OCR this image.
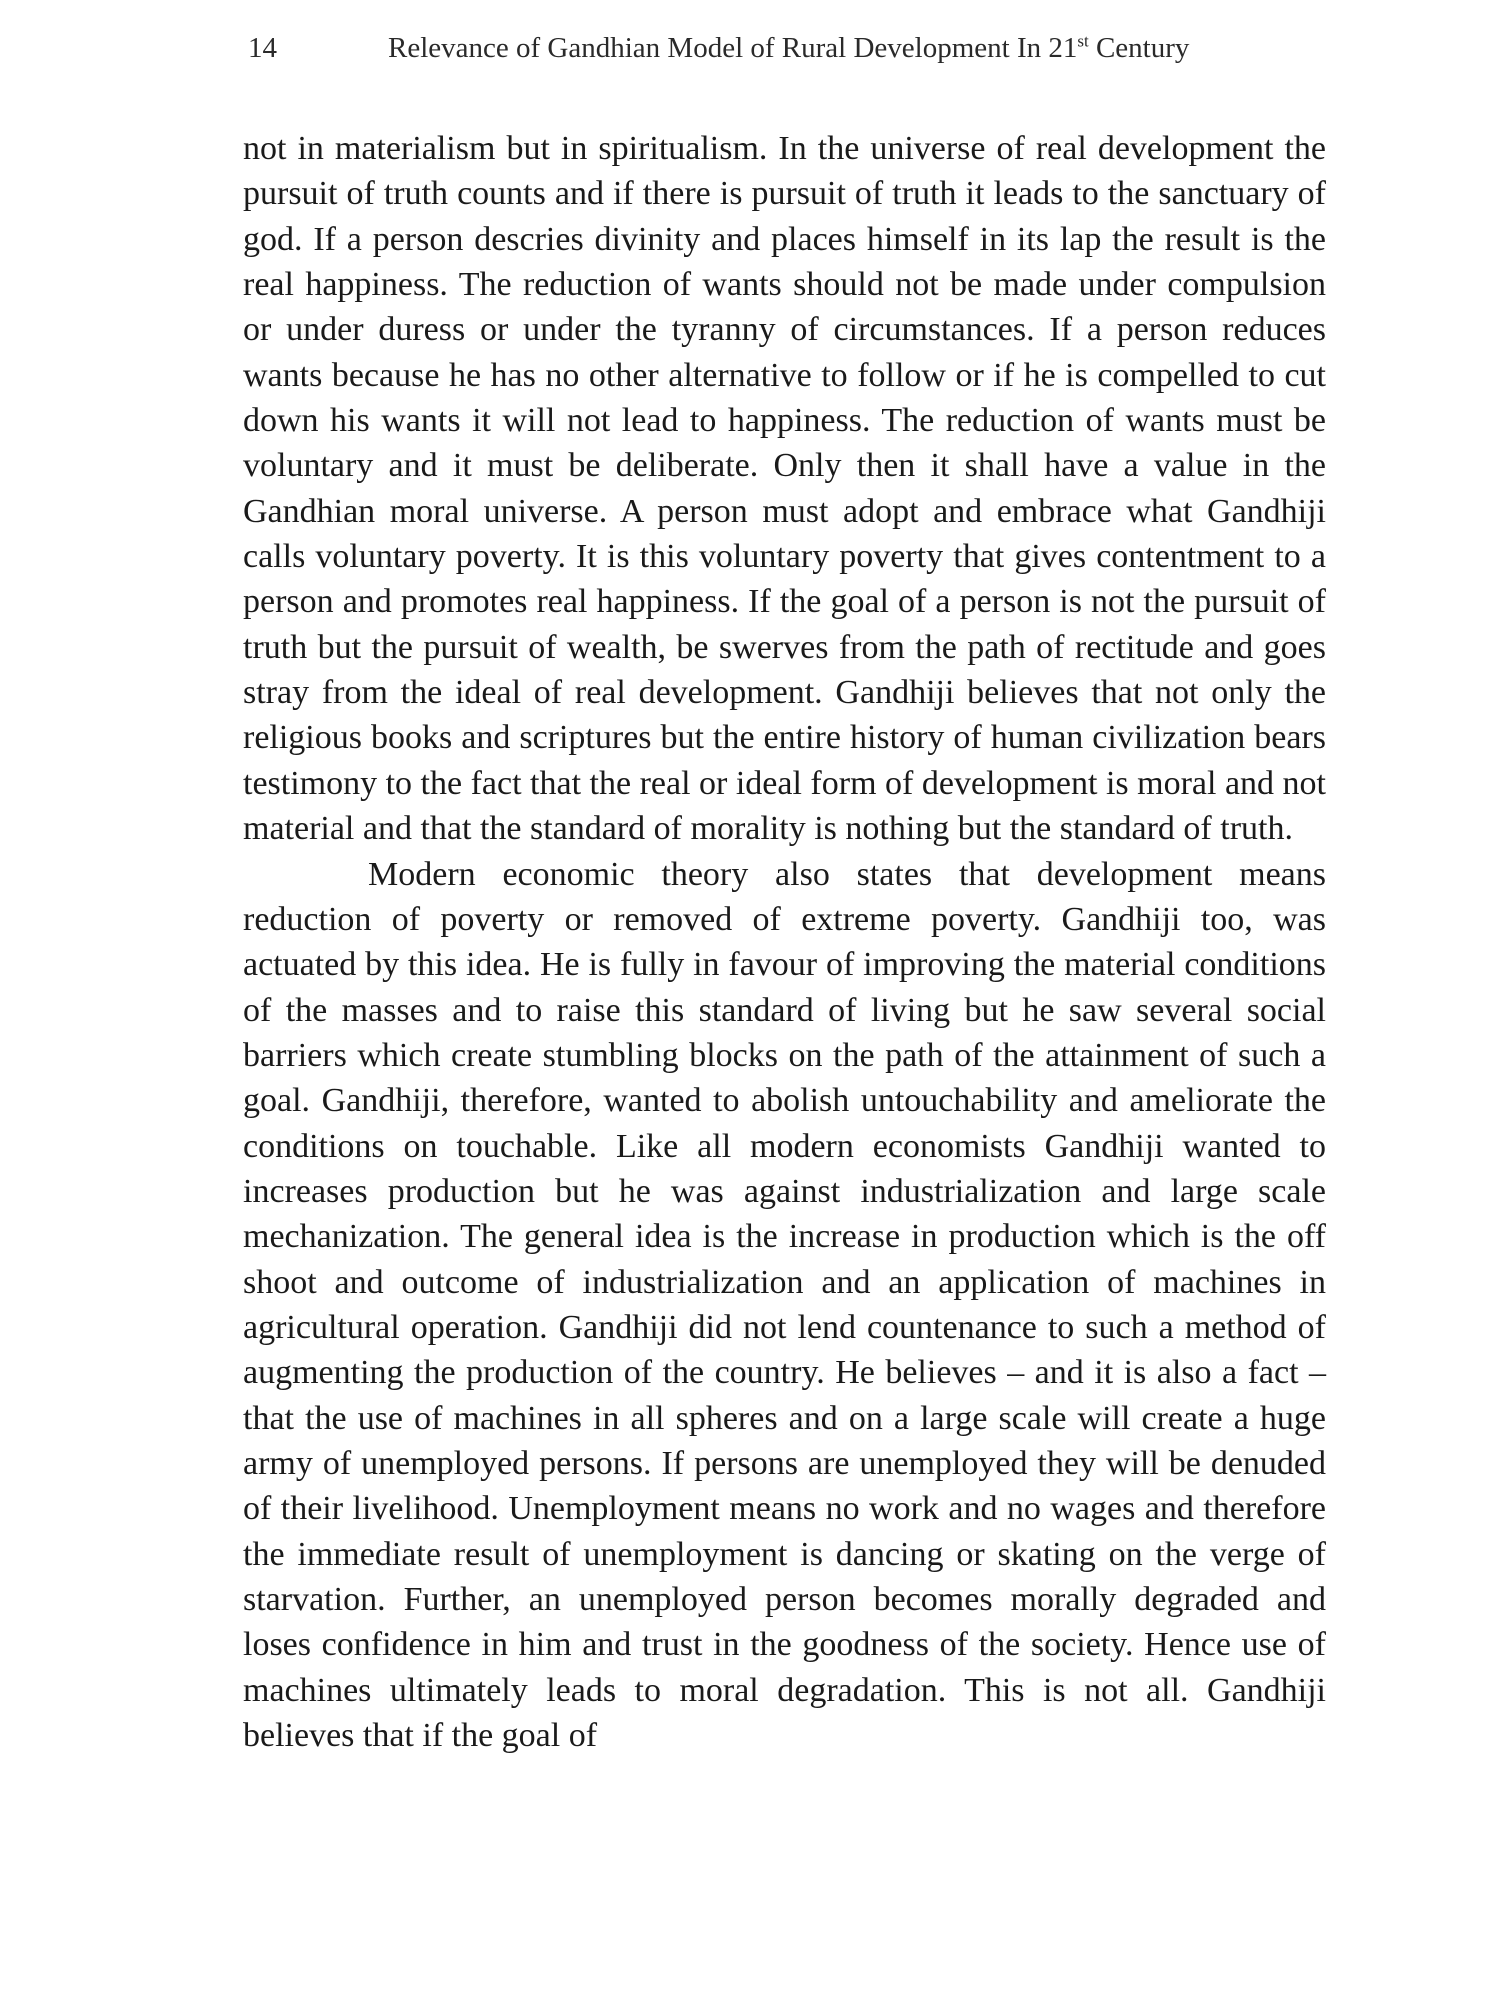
14	Relevance of Gandhian Model of Rural Development In 21st Century

not in materialism but in spiritualism. In the universe of real development the pursuit of truth counts and if there is pursuit of truth it leads to the sanctuary of god. If a person descries divinity and places himself in its lap the result is the real happiness. The reduction of wants should not be made under compulsion or under duress or under the tyranny of circumstances. If a person reduces wants because he has no other alternative to follow or if he is compelled to cut down his wants it will not lead to happiness. The reduction of wants must be voluntary and it must be deliberate. Only then it shall have a value in the Gandhian moral universe. A person must adopt and embrace what Gandhiji calls voluntary poverty. It is this voluntary poverty that gives contentment to a person and promotes real happiness. If the goal of a person is not the pursuit of truth but the pursuit of wealth, be swerves from the path of rectitude and goes stray from the ideal of real development. Gandhiji believes that not only the religious books and scriptures but the entire history of human civilization bears testimony to the fact that the real or ideal form of development is moral and not material and that the standard of morality is nothing but the standard of truth.

Modern economic theory also states that development means reduction of poverty or removed of extreme poverty. Gandhiji too, was actuated by this idea. He is fully in favour of improving the material conditions of the masses and to raise this standard of living but he saw several social barriers which create stumbling blocks on the path of the attainment of such a goal. Gandhiji, therefore, wanted to abolish untouchability and ameliorate the conditions on touchable. Like all modern economists Gandhiji wanted to increases production but he was against industrialization and large scale mechanization. The general idea is the increase in production which is the off shoot and outcome of industrialization and an application of machines in agricultural operation. Gandhiji did not lend countenance to such a method of augmenting the production of the country. He believes – and it is also a fact – that the use of machines in all spheres and on a large scale will create a huge army of unemployed persons. If persons are unemployed they will be denuded of their livelihood. Unemployment means no work and no wages and therefore the immediate result of unemployment is dancing or skating on the verge of starvation. Further, an unemployed person becomes morally degraded and loses confidence in him and trust in the goodness of the society. Hence use of machines ultimately leads to moral degradation. This is not all. Gandhiji believes that if the goal of
